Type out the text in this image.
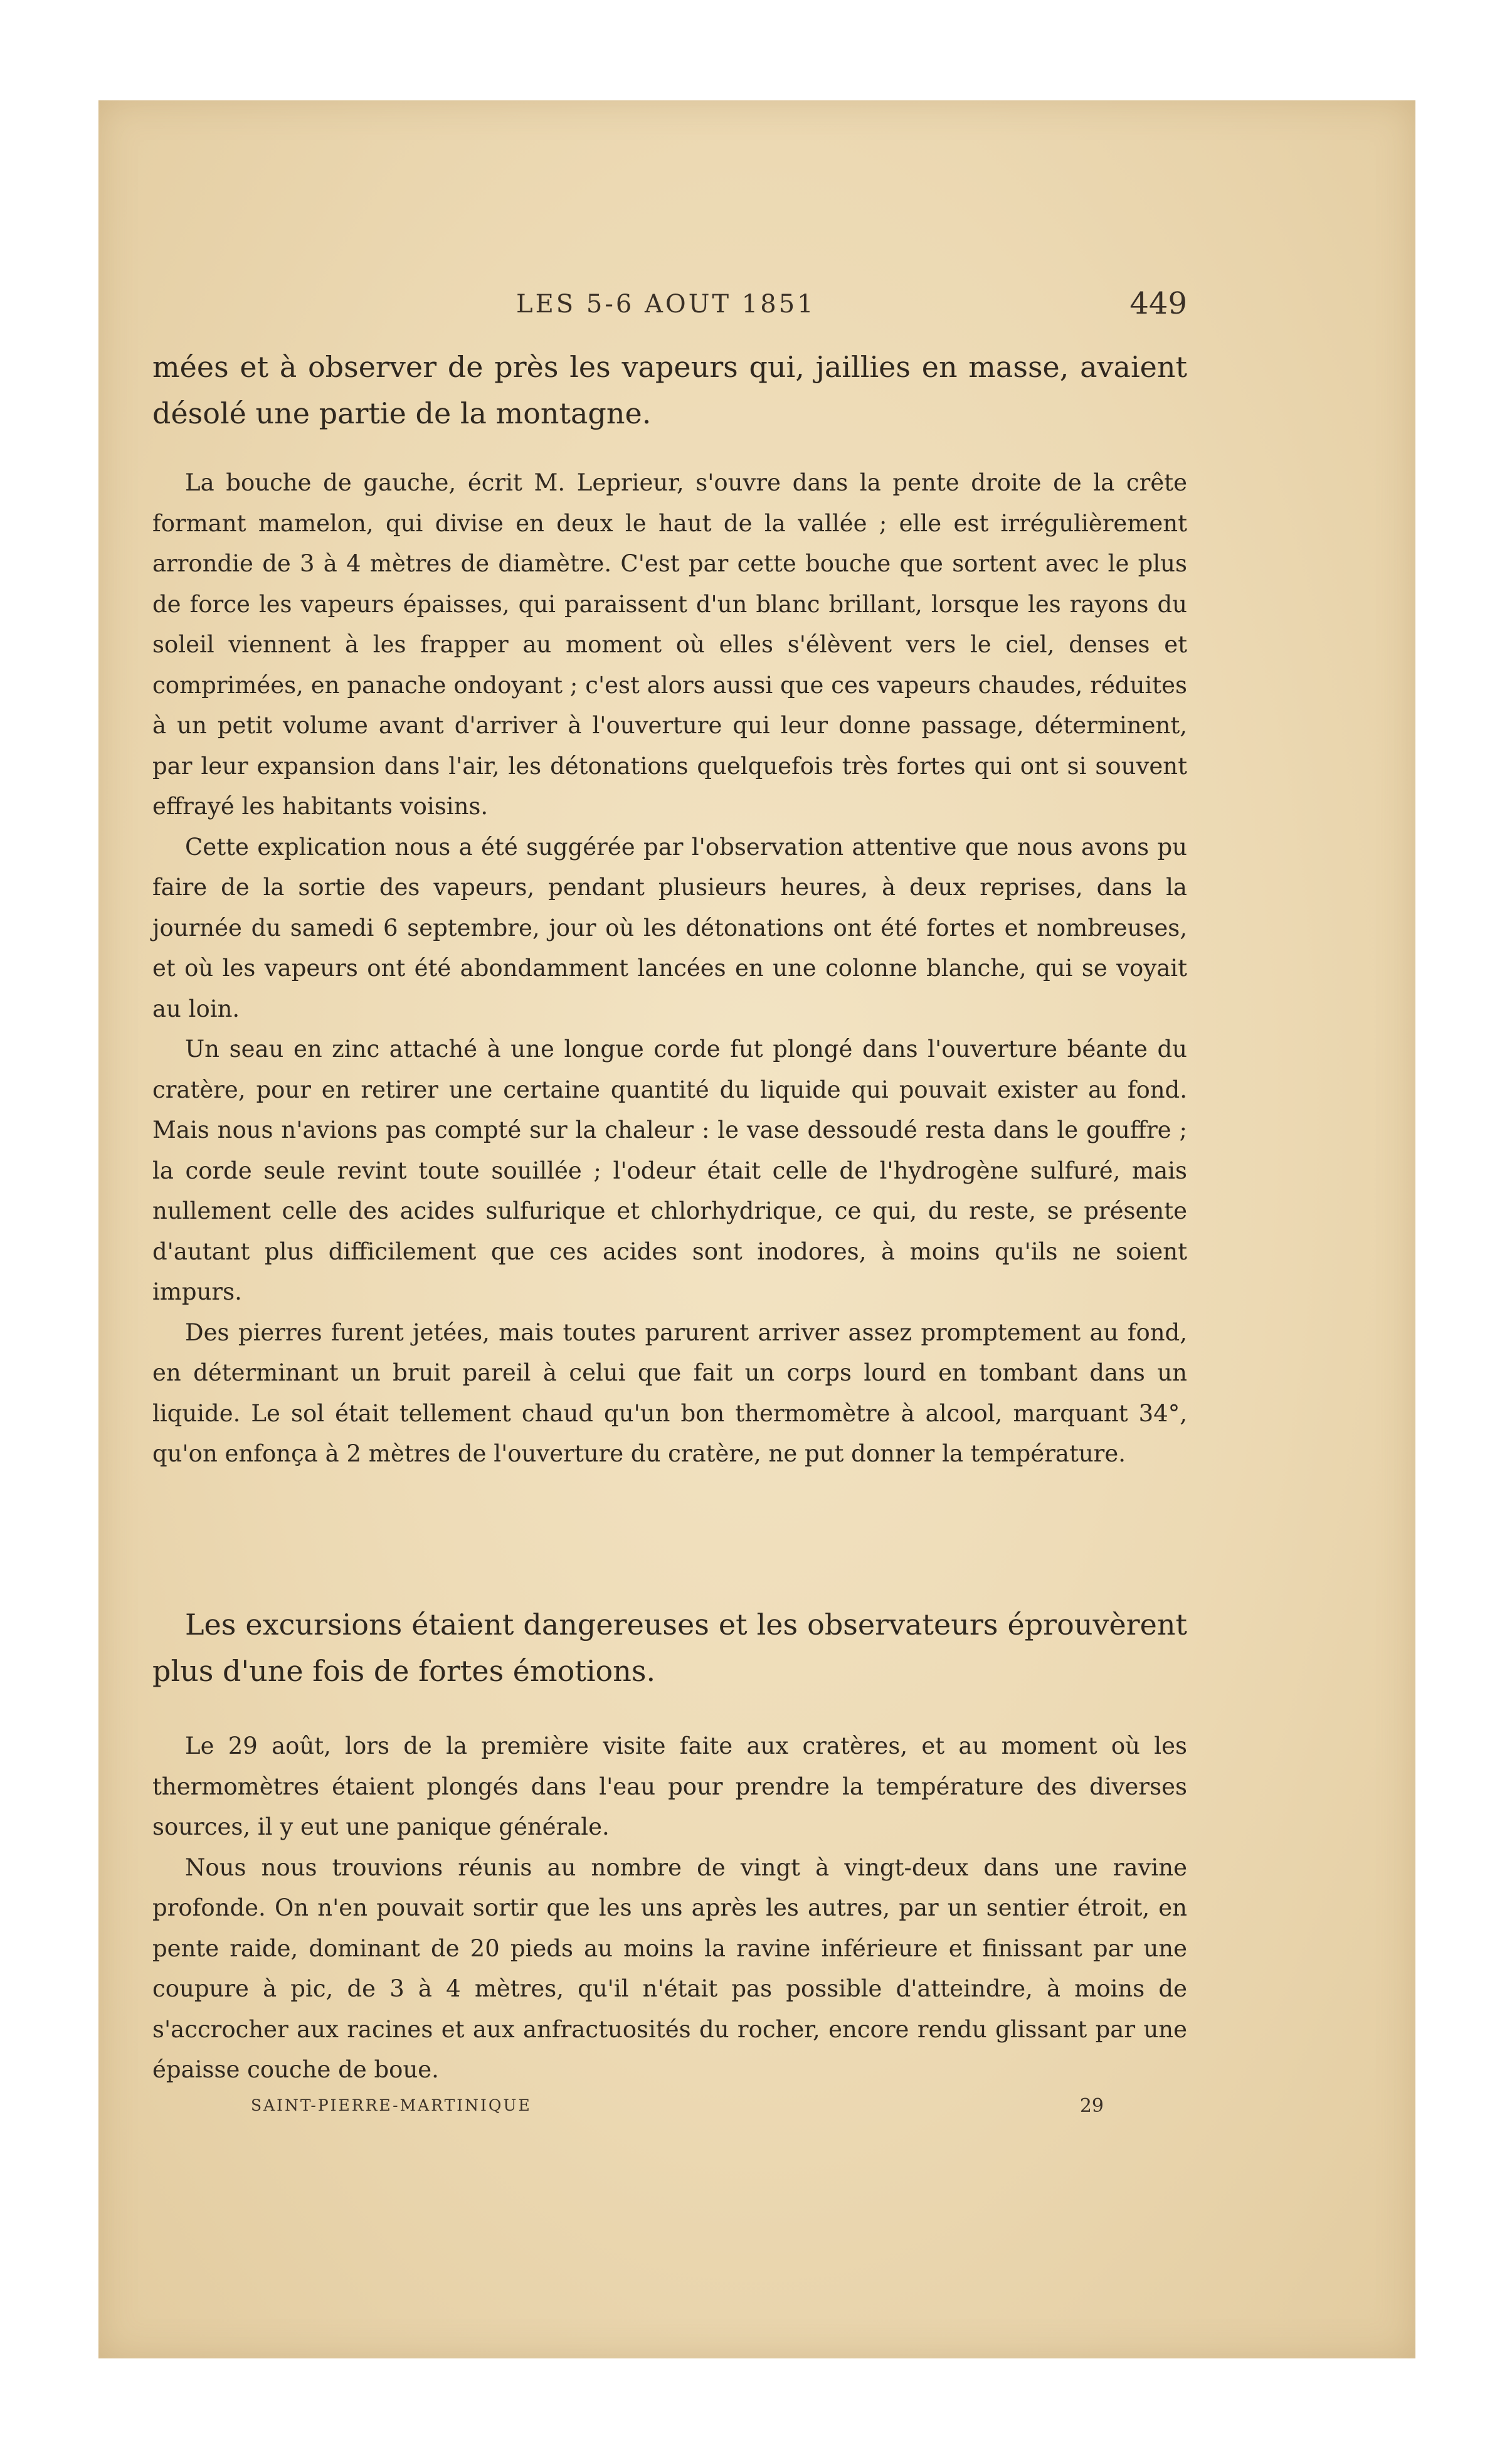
LES 5-6 AOUT 1851	449

mées et à observer de près les vapeurs qui, jaillies en masse, avaient désolé une partie de la montagne.

La bouche de gauche, écrit M. Leprieur, s'ouvre dans la pente droite de la crête formant mamelon, qui divise en deux le haut de la vallée ; elle est irrégulièrement arrondie de 3 à 4 mètres de diamètre. C'est par cette bouche que sortent avec le plus de force les vapeurs épaisses, qui paraissent d'un blanc brillant, lorsque les rayons du soleil viennent à les frapper au moment où elles s'élèvent vers le ciel, denses et comprimées, en panache ondoyant ; c'est alors aussi que ces vapeurs chaudes, réduites à un petit volume avant d'arriver à l'ouverture qui leur donne passage, déterminent, par leur expansion dans l'air, les détonations quelquefois très fortes qui ont si souvent effrayé les habitants voisins.

Cette explication nous a été suggérée par l'observation attentive que nous avons pu faire de la sortie des vapeurs, pendant plusieurs heures, à deux reprises, dans la journée du samedi 6 septembre, jour où les détonations ont été fortes et nombreuses, et où les vapeurs ont été abondamment lancées en une colonne blanche, qui se voyait au loin.

Un seau en zinc attaché à une longue corde fut plongé dans l'ouverture béante du cratère, pour en retirer une certaine quantité du liquide qui pouvait exister au fond. Mais nous n'avions pas compté sur la chaleur : le vase dessoudé resta dans le gouffre ; la corde seule revint toute souillée ; l'odeur était celle de l'hydrogène sulfuré, mais nullement celle des acides sulfurique et chlorhydrique, ce qui, du reste, se présente d'autant plus difficilement que ces acides sont inodores, à moins qu'ils ne soient impurs.

Des pierres furent jetées, mais toutes parurent arriver assez promptement au fond, en déterminant un bruit pareil à celui que fait un corps lourd en tombant dans un liquide. Le sol était tellement chaud qu'un bon thermomètre à alcool, marquant 34°, qu'on enfonça à 2 mètres de l'ouverture du cratère, ne put donner la température.

Les excursions étaient dangereuses et les observateurs éprouvèrent plus d'une fois de fortes émotions.

Le 29 août, lors de la première visite faite aux cratères, et au moment où les thermomètres étaient plongés dans l'eau pour prendre la température des diverses sources, il y eut une panique générale.

Nous nous trouvions réunis au nombre de vingt à vingt-deux dans une ravine profonde. On n'en pouvait sortir que les uns après les autres, par un sentier étroit, en pente raide, dominant de 20 pieds au moins la ravine inférieure et finissant par une coupure à pic, de 3 à 4 mètres, qu'il n'était pas possible d'atteindre, à moins de s'accrocher aux racines et aux anfractuosités du rocher, encore rendu glissant par une épaisse couche de boue.

SAINT-PIERRE-MARTINIQUE	29
